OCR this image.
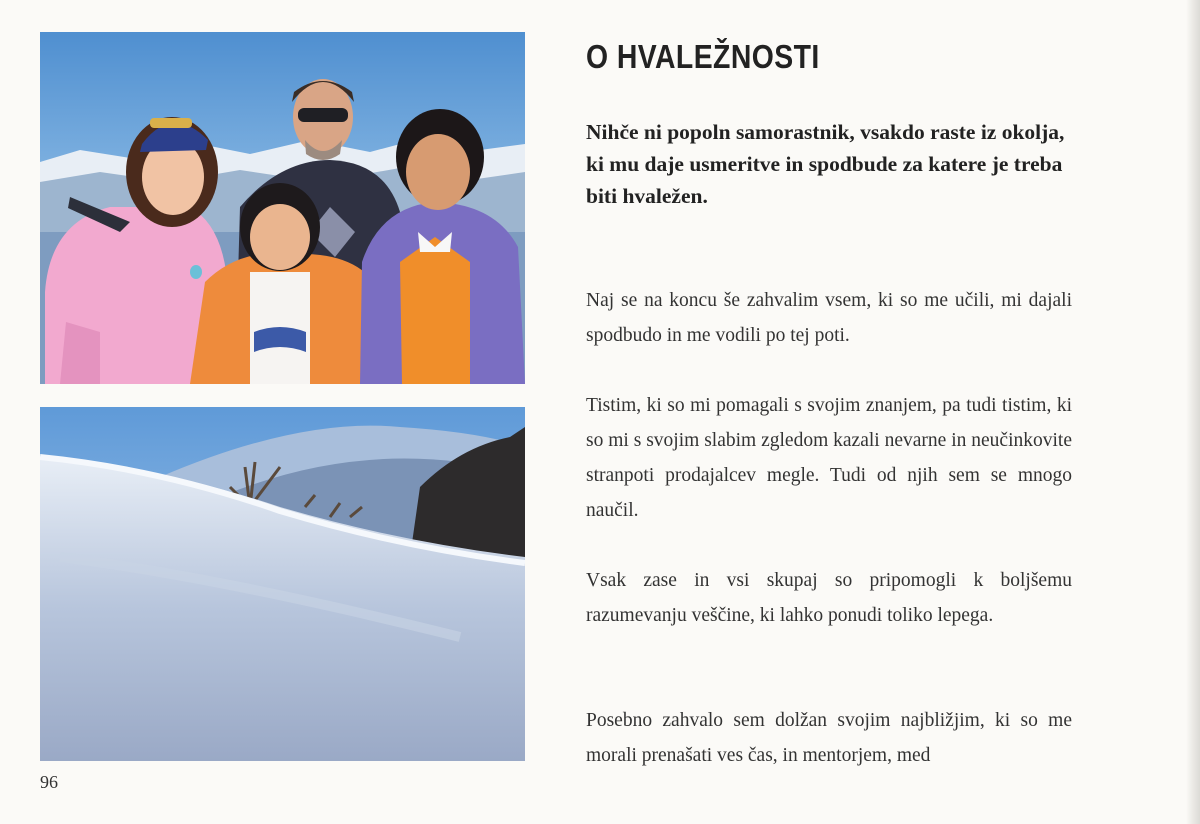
O HVALEŽNOSTI

Nihče ni popoln samorastnik, vsakdo raste iz okolja, ki mu daje usmeritve in spodbude za katere je treba biti hvaležen.

Naj se na koncu še zahvalim vsem, ki so me učili, mi dajali spodbudo in me vodili po tej poti.

Tistim, ki so mi pomagali s svojim znanjem, pa tudi tistim, ki so mi s svojim slabim zgledom kazali nevarne in neučinkovite stranpoti prodajalcev megle. Tudi od njih sem se mnogo naučil.

Vsak zase in vsi skupaj so pripomogli k boljšemu razumevanju veščine, ki lahko ponudi toliko lepega.

Posebno zahvalo sem dolžan svojim najbližjim, ki so me morali prenašati ves čas, in mentorjem, med

96
